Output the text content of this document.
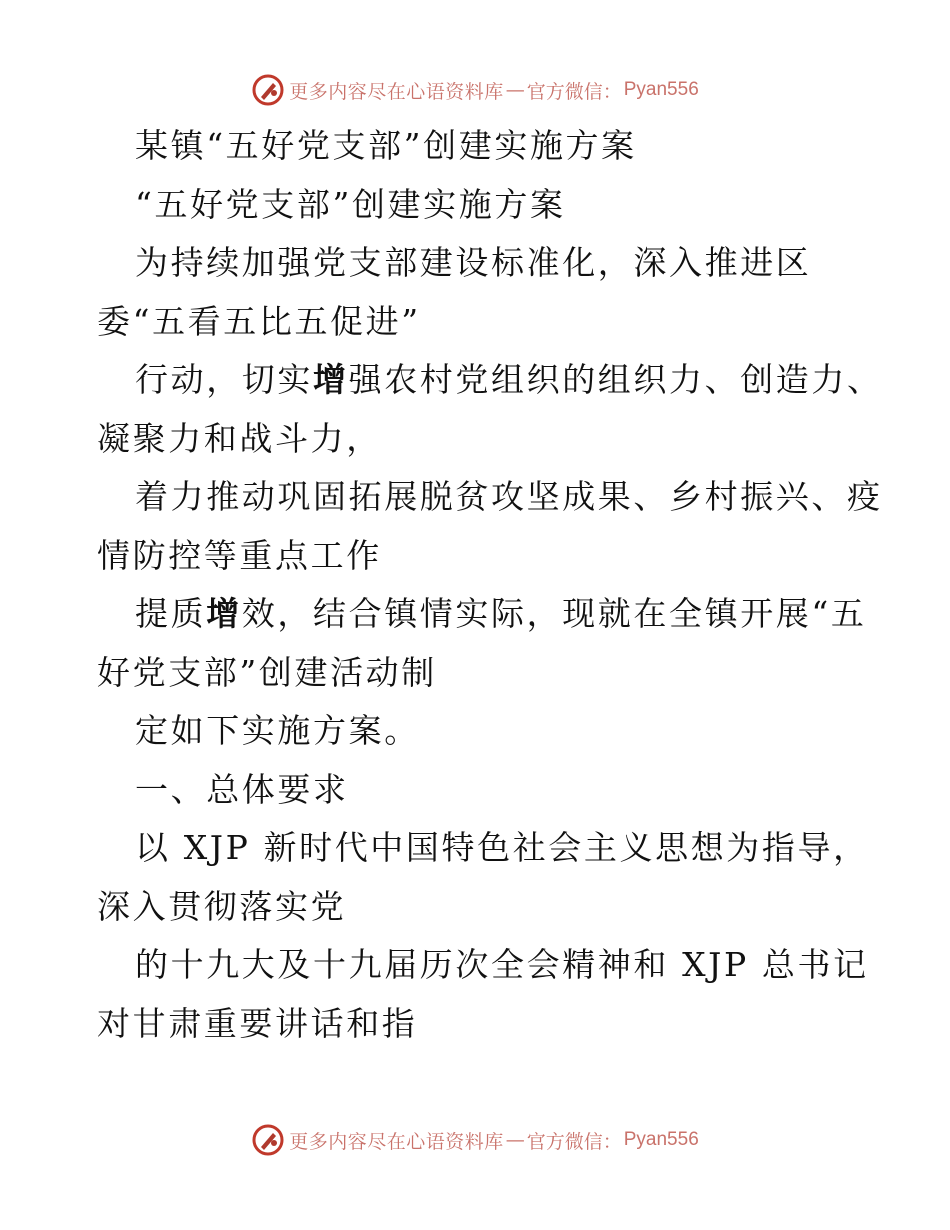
更多内容尽在心语资料库 — 官方微信： Pyan556
某镇“五好党支部”创建实施方案
“五好党支部”创建实施方案
为持续加强党支部建设标准化，深入推进区
委“五看五比五促进”
行动，切实增强农村党组织的组织力、创造力、
凝聚力和战斗力，
着力推动巩固拓展脱贫攻坚成果、乡村振兴、疫
情防控等重点工作
提质增效，结合镇情实际，现就在全镇开展“五
好党支部”创建活动制
定如下实施方案。
一、总体要求
以 XJP 新时代中国特色社会主义思想为指导，
深入贯彻落实党
的十九大及十九届历次全会精神和 XJP 总书记
对甘肃重要讲话和指
更多内容尽在心语资料库 — 官方微信： Pyan556
